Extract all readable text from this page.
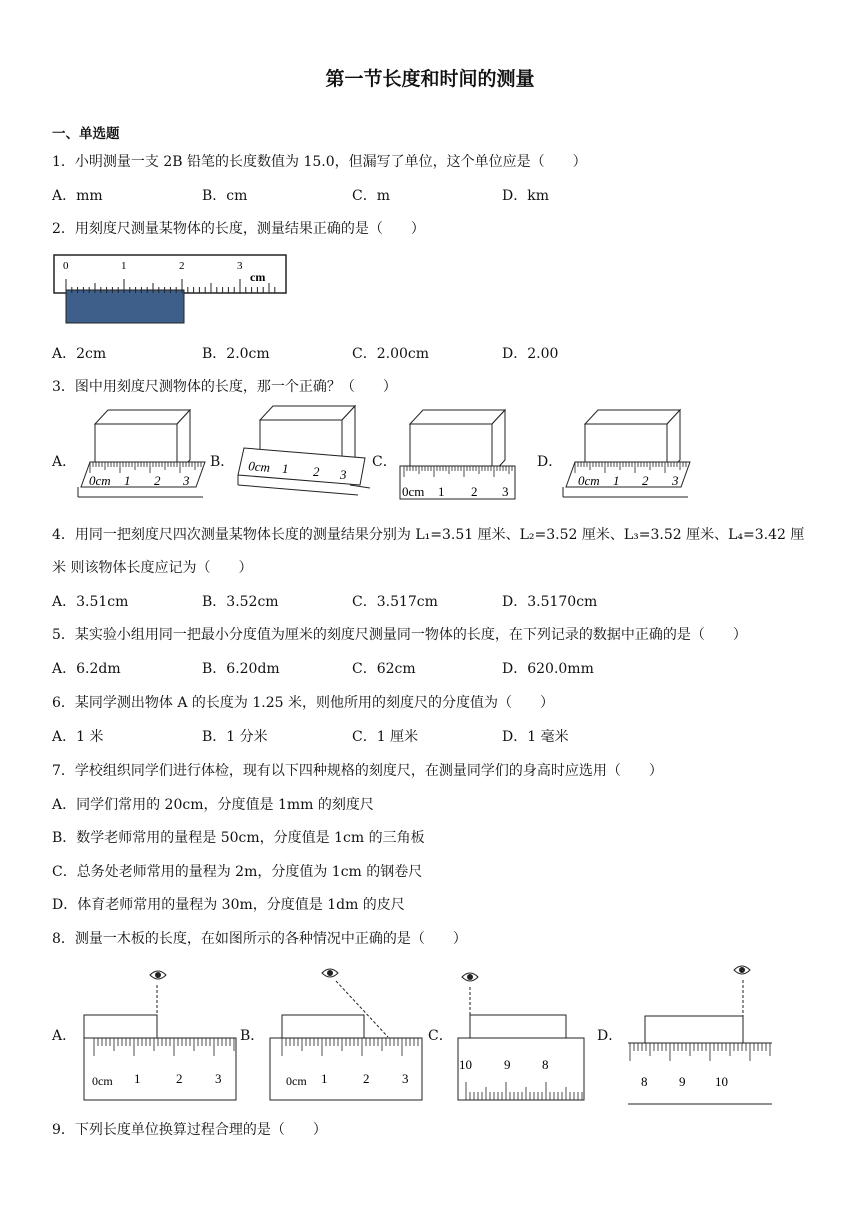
第一节长度和时间的测量
一、单选题
1．小明测量一支 2B 铅笔的长度数值为 15.0，但漏写了单位，这个单位应是（　　）
A．mm	B．cm	C．m	D．km
2．用刻度尺测量某物体的长度，测量结果正确的是（　　）
0	1	2	3
cm
A．2cm	B．2.0cm	C．2.00cm	D．2.00
3．图中用刻度尺测物体的长度，那一个正确？（　　）
A．	B．	C．	D．
0cm 1 2 3
0cm 1 2 3
0cm 1 2 3
0cm 1 2 3
4．用同一把刻度尺四次测量某物体长度的测量结果分别为 L₁=3.51 厘米、L₂=3.52 厘米、L₃=3.52 厘米、L₄=3.42 厘
米 则该物体长度应记为（　　）
A．3.51cm	B．3.52cm	C．3.517cm	D．3.5170cm
5．某实验小组用同一把最小分度值为厘米的刻度尺测量同一物体的长度，在下列记录的数据中正确的是（　　）
A．6.2dm	B．6.20dm	C．62cm	D．620.0mm
6．某同学测出物体 A 的长度为 1.25 米，则他所用的刻度尺的分度值为（　　）
A．1 米	B．1 分米	C．1 厘米	D．1 毫米
7．学校组织同学们进行体检，现有以下四种规格的刻度尺，在测量同学们的身高时应选用（　　）
A．同学们常用的 20cm，分度值是 1mm 的刻度尺
B．数学老师常用的量程是 50cm，分度值是 1cm 的三角板
C．总务处老师常用的量程为 2m，分度值为 1cm 的钢卷尺
D．体育老师常用的量程为 30m，分度值是 1dm 的皮尺
8．测量一木板的长度，在如图所示的各种情况中正确的是（　　）
A．	B．	C．	D．
0cm 1	2	3	0cm 1	2	3
10 9 8
8 9 10
9．下列长度单位换算过程合理的是（　　）
